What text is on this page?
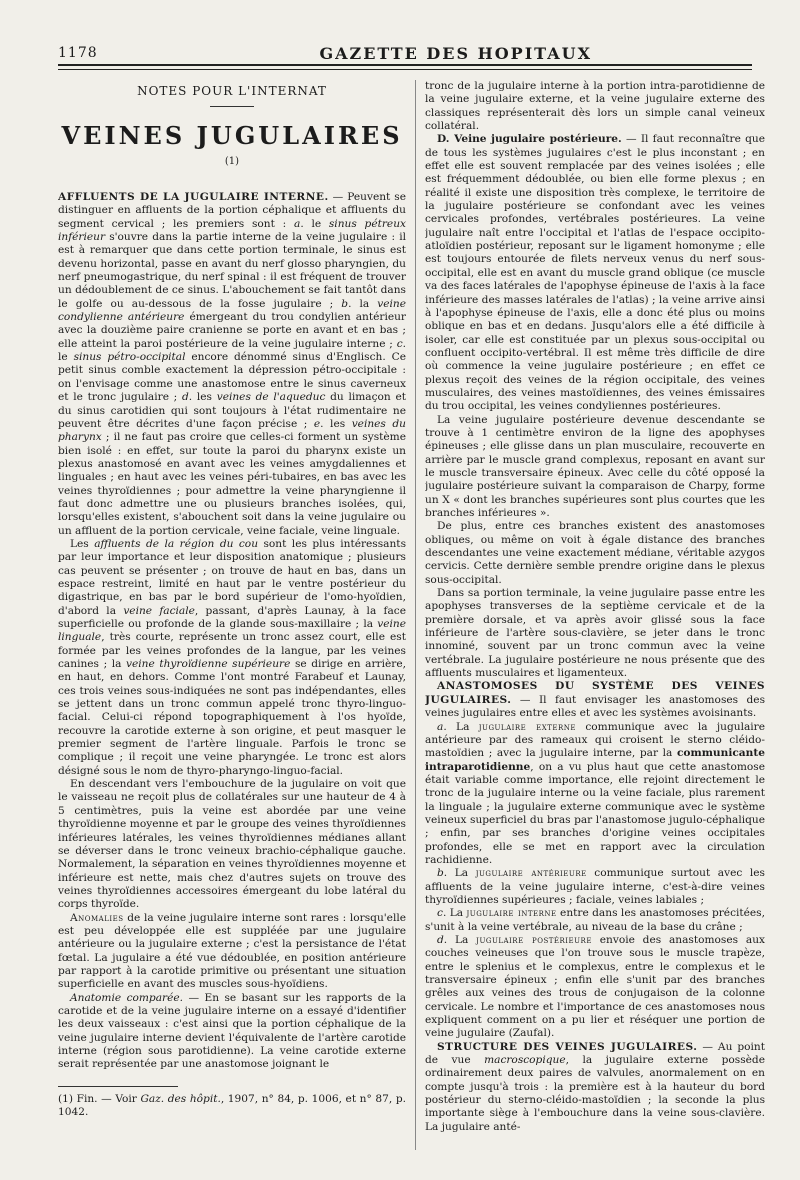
1178	GAZETTE DES HOPITAUX
NOTES POUR L'INTERNAT
VEINES JUGULAIRES $^{(1)}$

AFFLUENTS DE LA JUGULAIRE INTERNE. — Peuvent se distinguer en affluents de la portion céphalique et affluents du segment cervical ; les premiers sont : a. le sinus pétreux inférieur s'ouvre dans la partie interne de la veine jugulaire : il est à remarquer que dans cette portion terminale, le sinus est devenu horizontal, passe en avant du nerf glosso pharyngien, du nerf pneumogastrique, du nerf spinal : il est fréquent de trouver un dédoublement de ce sinus. L'abouchement se fait tantôt dans le golfe ou au-dessous de la fosse jugulaire ; b. la veine condylienne antérieure émergeant du trou condylien antérieur avec la douzième paire cranienne se porte en avant et en bas ; elle atteint la paroi postérieure de la veine jugulaire interne ; c. le sinus pétro-occipital encore dénommé sinus d'Englisch. Ce petit sinus comble exactement la dépression pétro-occipitale : on l'envisage comme une anastomose entre le sinus caverneux et le tronc jugulaire ; d. les veines de l'aqueduc du limaçon et du sinus carotidien qui sont toujours à l'état rudimentaire ne peuvent être décrites d'une façon précise ; e. les veines du pharynx ; il ne faut pas croire que celles-ci forment un système bien isolé : en effet, sur toute la paroi du pharynx existe un plexus anastomosé en avant avec les veines amygdaliennes et linguales ; en haut avec les veines péri-tubaires, en bas avec les veines thyroïdiennes ; pour admettre la veine pharyngienne il faut donc admettre une ou plusieurs branches isolées, qui, lorsqu'elles existent, s'abouchent soit dans la veine jugulaire ou un affluent de la portion cervicale, veine faciale, veine linguale.

Les affluents de la région du cou sont les plus intéressants par leur importance et leur disposition anatomique ; plusieurs cas peuvent se présenter ; on trouve de haut en bas, dans un espace restreint, limité en haut par le ventre postérieur du digastrique, en bas par le bord supérieur de l'omo-hyoïdien, d'abord la veine faciale, passant, d'après Launay, à la face superficielle ou profonde de la glande sous-maxillaire ; la veine linguale, très courte, représente un tronc assez court, elle est formée par les veines profondes de la langue, par les veines canines ; la veine thyroïdienne supérieure se dirige en arrière, en haut, en dehors. Comme l'ont montré Farabeuf et Launay, ces trois veines sous-indiquées ne sont pas indépendantes, elles se jettent dans un tronc commun appelé tronc thyro-linguo-facial. Celui-ci répond topographiquement à l'os hyoïde, recouvre la carotide externe à son origine, et peut masquer le premier segment de l'artère linguale. Parfois le tronc se complique ; il reçoit une veine pharyngée. Le tronc est alors désigné sous le nom de thyro-pharyngo-linguo-facial.

En descendant vers l'embouchure de la jugulaire on voit que le vaisseau ne reçoit plus de collatérales sur une hauteur de 4 à 5 centimètres, puis la veine est abordée par une veine thyroïdienne moyenne et par le groupe des veines thyroïdiennes inférieures latérales, les veines thyroïdiennes médianes allant se déverser dans le tronc veineux brachio-céphalique gauche. Normalement, la séparation en veines thyroïdiennes moyenne et inférieure est nette, mais chez d'autres sujets on trouve des veines thyroïdiennes accessoires émergeant du lobe latéral du corps thyroïde.

Anomalies de la veine jugulaire interne sont rares : lorsqu'elle est peu développée elle est suppléée par une jugulaire antérieure ou la jugulaire externe ; c'est la persistance de l'état fœtal. La jugulaire a été vue dédoublée, en position antérieure par rapport à la carotide primitive ou présentant une situation superficielle en avant des muscles sous-hyoïdiens.

Anatomie comparée. — En se basant sur les rapports de la carotide et de la veine jugulaire interne on a essayé d'identifier les deux vaisseaux : c'est ainsi que la portion céphalique de la veine jugulaire interne devient l'équivalente de l'artère carotide interne (région sous parotidienne). La veine carotide externe serait représentée par une anastomose joignant le

(1) Fin. — Voir Gaz. des hôpit., 1907, n° 84, p. 1006, et n° 87, p. 1042.

tronc de la jugulaire interne à la portion intra-parotidienne de la veine jugulaire externe, et la veine jugulaire externe des classiques représenterait dès lors un simple canal veineux collatéral.

D. Veine jugulaire postérieure. — Il faut reconnaître que de tous les systèmes jugulaires c'est le plus inconstant ; en effet elle est souvent remplacée par des veines isolées ; elle est fréquemment dédoublée, ou bien elle forme plexus ; en réalité il existe une disposition très complexe, le territoire de la jugulaire postérieure se confondant avec les veines cervicales profondes, vertébrales postérieures. La veine jugulaire naît entre l'occipital et l'atlas de l'espace occipito-atloïdien postérieur, reposant sur le ligament homonyme ; elle est toujours entourée de filets nerveux venus du nerf sous-occipital, elle est en avant du muscle grand oblique (ce muscle va des faces latérales de l'apophyse épineuse de l'axis à la face inférieure des masses latérales de l'atlas) ; la veine arrive ainsi à l'apophyse épineuse de l'axis, elle a donc été plus ou moins oblique en bas et en dedans. Jusqu'alors elle a été difficile à isoler, car elle est constituée par un plexus sous-occipital ou confluent occipito-vertébral. Il est même très difficile de dire où commence la veine jugulaire postérieure ; en effet ce plexus reçoit des veines de la région occipitale, des veines musculaires, des veines mastoïdiennes, des veines émissaires du trou occipital, les veines condyliennes postérieures.

La veine jugulaire postérieure devenue descendante se trouve à 1 centimètre environ de la ligne des apophyses épineuses ; elle glisse dans un plan musculaire, recouverte en arrière par le muscle grand complexus, reposant en avant sur le muscle transversaire épineux. Avec celle du côté opposé la jugulaire postérieure suivant la comparaison de Charpy, forme un X « dont les branches supérieures sont plus courtes que les branches inférieures ».

De plus, entre ces branches existent des anastomoses obliques, ou même on voit à égale distance des branches descendantes une veine exactement médiane, véritable azygos cervicis. Cette dernière semble prendre origine dans le plexus sous-occipital.

Dans sa portion terminale, la veine jugulaire passe entre les apophyses transverses de la septième cervicale et de la première dorsale, et va après avoir glissé sous la face inférieure de l'artère sous-clavière, se jeter dans le tronc innominé, souvent par un tronc commun avec la veine vertébrale. La jugulaire postérieure ne nous présente que des affluents musculaires et ligamenteux.

ANASTOMOSES DU SYSTÈME DES VEINES JUGULAIRES. — Il faut envisager les anastomoses des veines jugulaires entre elles et avec les systèmes avoisinants.

a. La jugulaire externe communique avec la jugulaire antérieure par des rameaux qui croisent le sterno cléido-mastoïdien ; avec la jugulaire interne, par la communicante intraparotidienne, on a vu plus haut que cette anastomose était variable comme importance, elle rejoint directement le tronc de la jugulaire interne ou la veine faciale, plus rarement la linguale ; la jugulaire externe communique avec le système veineux superficiel du bras par l'anastomose jugulo-céphalique ; enfin, par ses branches d'origine veines occipitales profondes, elle se met en rapport avec la circulation rachidienne.

b. La jugulaire antérieure communique surtout avec les affluents de la veine jugulaire interne, c'est-à-dire veines thyroïdiennes supérieures ; faciale, veines labiales ;

c. La jugulaire interne entre dans les anastomoses précitées, s'unit à la veine vertébrale, au niveau de la base du crâne ;

d. La jugulaire postérieure envoie des anastomoses aux couches veineuses que l'on trouve sous le muscle trapèze, entre le splenius et le complexus, entre le complexus et le transversaire épineux ; enfin elle s'unit par des branches grêles aux veines des trous de conjugaison de la colonne cervicale. Le nombre et l'importance de ces anastomoses nous expliquent comment on a pu lier et réséquer une portion de veine jugulaire (Zaufal).

STRUCTURE DES VEINES JUGULAIRES. — Au point de vue macroscopique, la jugulaire externe possède ordinairement deux paires de valvules, anormalement on en compte jusqu'à trois : la première est à la hauteur du bord postérieur du sterno-cléido-mastoïdien ; la seconde la plus importante siège à l'embouchure dans la veine sous-clavière. La jugulaire anté-
